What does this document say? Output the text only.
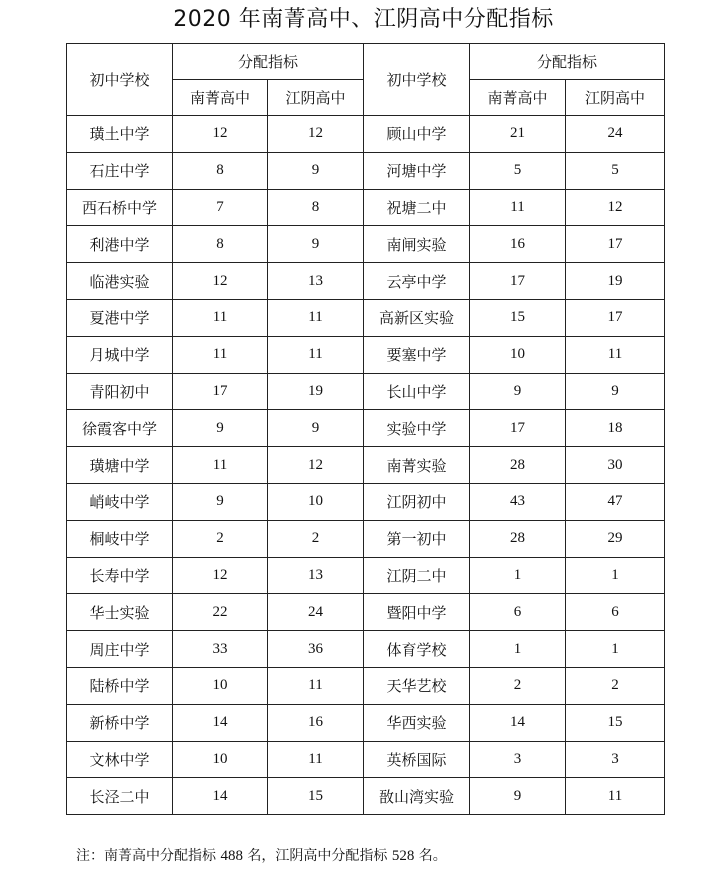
2020 年南菁高中、江阴高中分配指标
初中学校	分配指标		初中学校	分配指标	
	南菁高中	江阴高中		南菁高中	江阴高中
璜土中学	12	12	顾山中学	21	24
石庄中学	8	9	河塘中学	5	5
西石桥中学	7	8	祝塘二中	11	12
利港中学	8	9	南闸实验	16	17
临港实验	12	13	云亭中学	17	19
夏港中学	11	11	高新区实验	15	17
月城中学	11	11	要塞中学	10	11
青阳初中	17	19	长山中学	9	9
徐霞客中学	9	9	实验中学	17	18
璜塘中学	11	12	南菁实验	28	30
峭岐中学	9	10	江阴初中	43	47
桐岐中学	2	2	第一初中	28	29
长寿中学	12	13	江阴二中	1	1
华士实验	22	24	暨阳中学	6	6
周庄中学	33	36	体育学校	1	1
陆桥中学	10	11	天华艺校	2	2
新桥中学	14	16	华西实验	14	15
文林中学	10	11	英桥国际	3	3
长泾二中	14	15	敔山湾实验	9	11
注：南菁高中分配指标 488 名，江阴高中分配指标 528 名。
